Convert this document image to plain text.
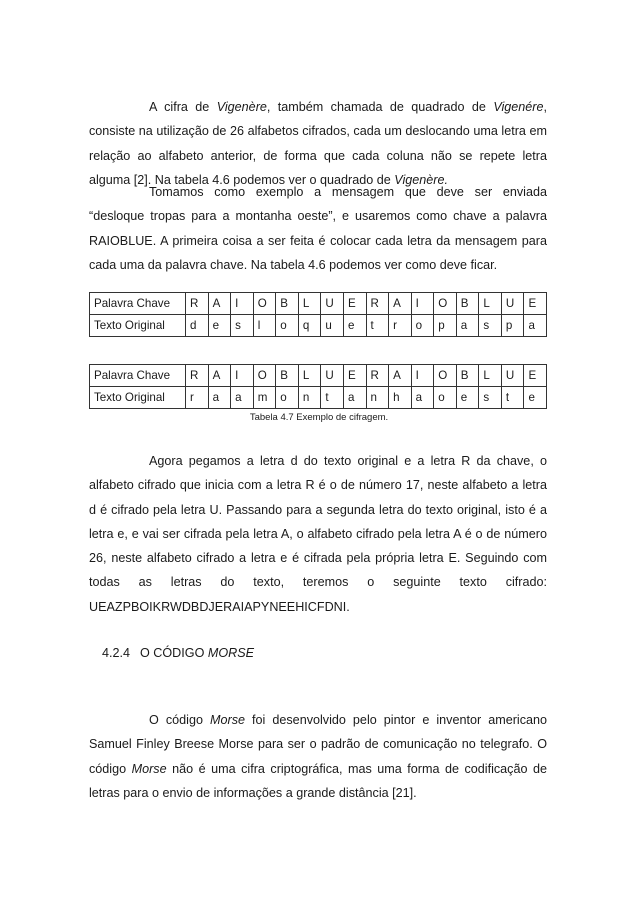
A cifra de Vigenère, também chamada de quadrado de Vigenére, consiste na utilização de 26 alfabetos cifrados, cada um deslocando uma letra em relação ao alfabeto anterior, de forma que cada coluna não se repete letra alguma [2]. Na tabela 4.6 podemos ver o quadrado de Vigenère.

Tomamos como exemplo a mensagem que deve ser enviada “desloque tropas para a montanha oeste”, e usaremos como chave a palavra RAIOBLUE. A primeira coisa a ser feita é colocar cada letra da mensagem para cada uma da palavra chave. Na tabela 4.6 podemos ver como deve ficar.

Palavra Chave	R	A	I	O	B	L	U	E	R	A	I	O	B	L	U	E
Texto Original	d	e	s	l	o	q	u	e	t	r	o	p	a	s	p	a
Palavra Chave	R	A	I	O	B	L	U	E	R	A	I	O	B	L	U	E
Texto Original	r	a	a	m	o	n	t	a	n	h	a	o	e	s	t	e
Tabela 4.7 Exemplo de cifragem.

Agora pegamos a letra d do texto original e a letra R da chave, o alfabeto cifrado que inicia com a letra R é o de número 17, neste alfabeto a letra d é cifrado pela letra U. Passando para a segunda letra do texto original, isto é a letra e, e vai ser cifrada pela letra A, o alfabeto cifrado pela letra A é o de número 26, neste alfabeto cifrado a letra e é cifrada pela própria letra E. Seguindo com todas as letras do texto, teremos o seguinte texto cifrado: UEAZPBOIKRWDBDJERAIAPYNEEHICFDNI.

4.2.4 O CÓDIGO MORSE

O código Morse foi desenvolvido pelo pintor e inventor americano Samuel Finley Breese Morse para ser o padrão de comunicação no telegrafo. O código Morse não é uma cifra criptográfica, mas uma forma de codificação de letras para o envio de informações a grande distância [21].
